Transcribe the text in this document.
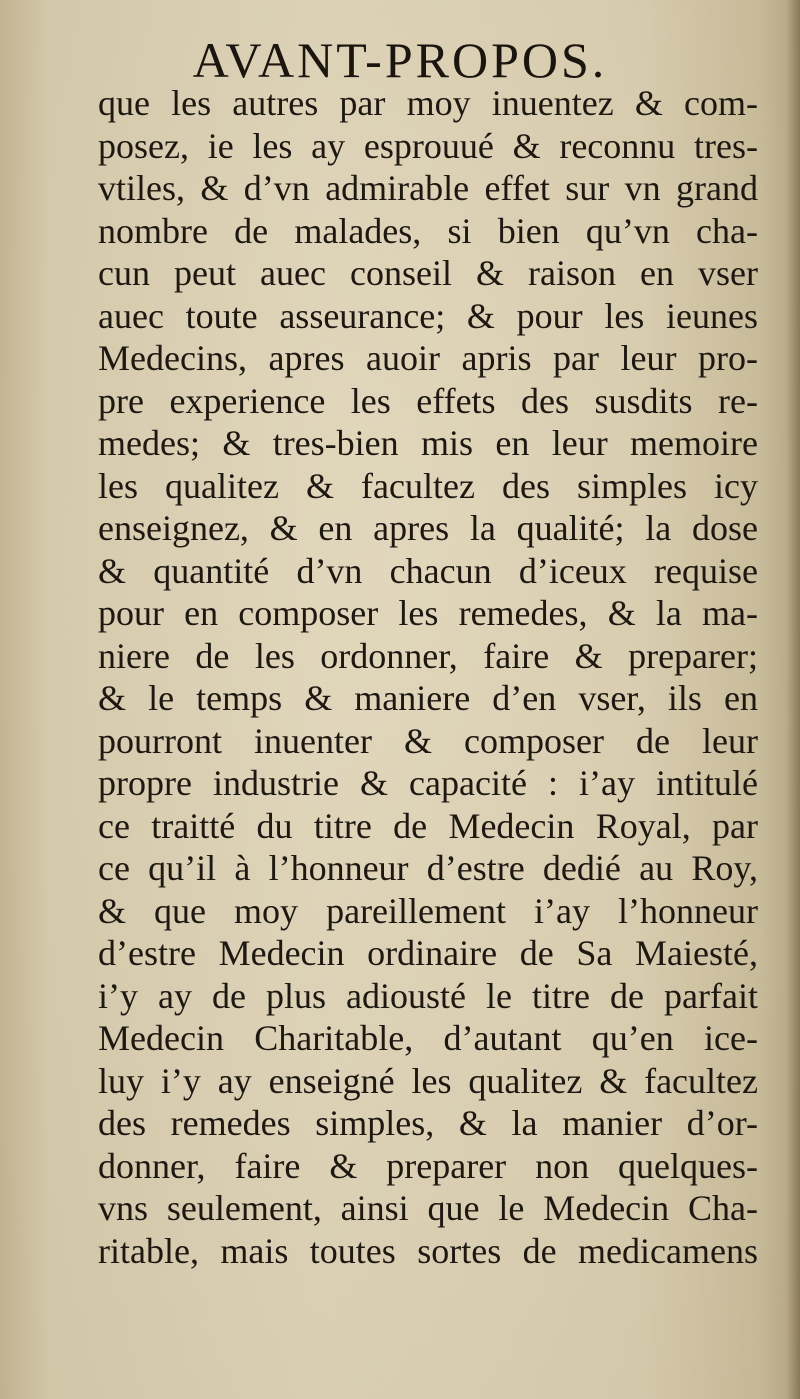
AVANT-PROPOS.
que les autres par moy inuentez & com-
posez, ie les ay esprouué & reconnu tres-
vtiles, & d’vn admirable effet sur vn grand
nombre de malades, si bien qu’vn cha-
cun peut auec conseil & raison en vser
auec toute asseurance; & pour les ieunes
Medecins, apres auoir apris par leur pro-
pre experience les effets des susdits re-
medes; & tres-bien mis en leur memoire
les qualitez & facultez des simples icy
enseignez, & en apres la qualité; la dose
& quantité d’vn chacun d’iceux requise
pour en composer les remedes, & la ma-
niere de les ordonner, faire & preparer;
& le temps & maniere d’en vser, ils en
pourront inuenter & composer de leur
propre industrie & capacité : i’ay intitulé
ce traitté du titre de Medecin Royal, par
ce qu’il à l’honneur d’estre dedié au Roy,
& que moy pareillement i’ay l’honneur
d’estre Medecin ordinaire de Sa Maiesté,
i’y ay de plus adiousté le titre de parfait
Medecin Charitable, d’autant qu’en ice-
luy i’y ay enseigné les qualitez & facultez
des remedes simples, & la manier d’or-
donner, faire & preparer non quelques-
vns seulement, ainsi que le Medecin Cha-
ritable, mais toutes sortes de medicamens
